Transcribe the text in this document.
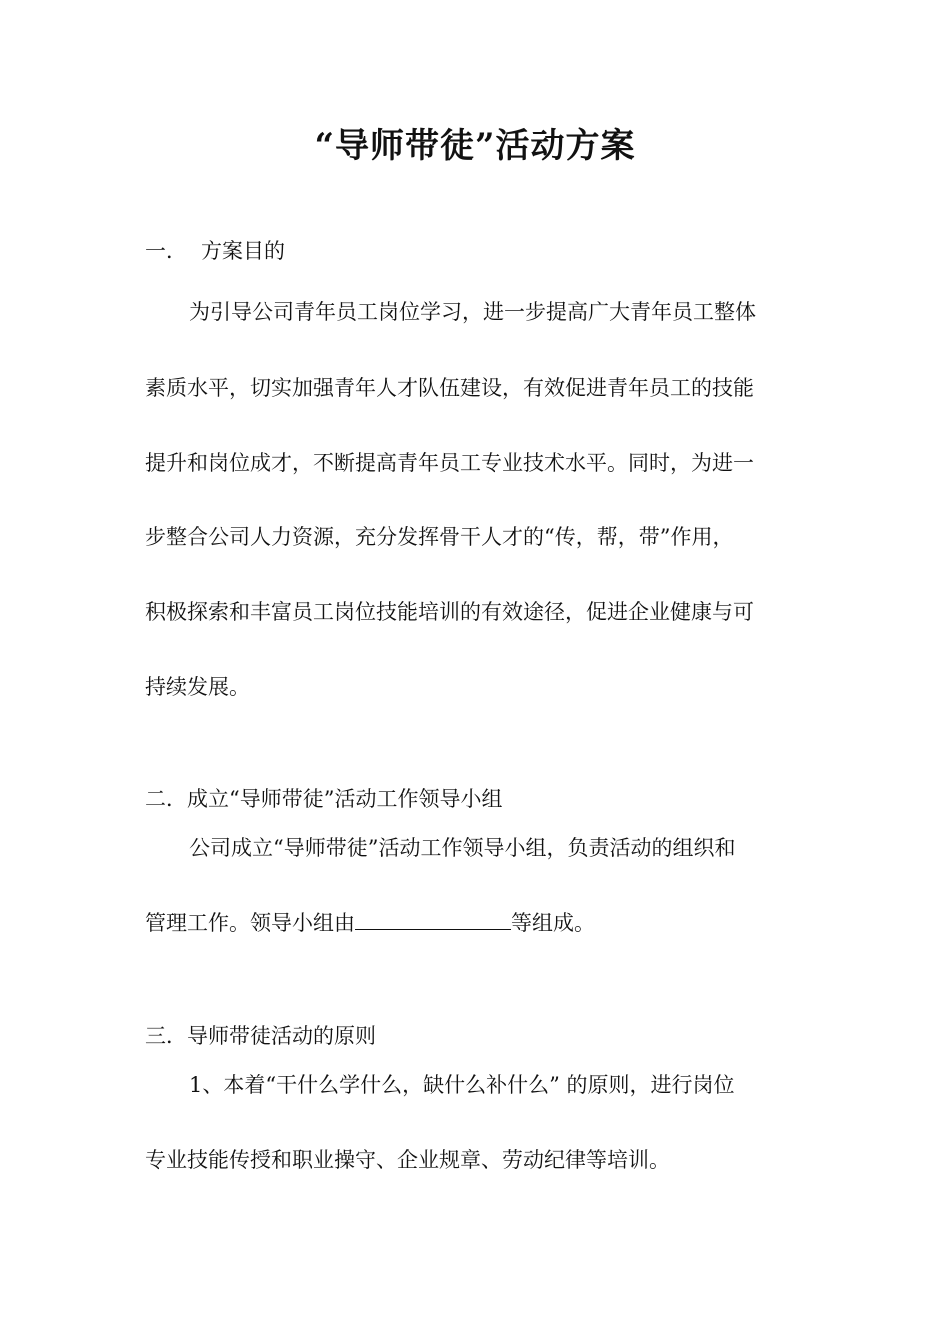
“导师带徒”活动方案
一． 方案目的
为引导公司青年员工岗位学习，进一步提高广大青年员工整体
素质水平，切实加强青年人才队伍建设，有效促进青年员工的技能
提升和岗位成才，不断提高青年员工专业技术水平。同时，为进一
步整合公司人力资源，充分发挥骨干人才的“传，帮，带”作用，
积极探索和丰富员工岗位技能培训的有效途径，促进企业健康与可
持续发展。
二．成立“导师带徒”活动工作领导小组
公司成立“导师带徒”活动工作领导小组，负责活动的组织和
管理工作。领导小组由	等组成。
三．导师带徒活动的原则
1、本着“干什么学什么，缺什么补什么” 的原则，进行岗位
专业技能传授和职业操守、企业规章、劳动纪律等培训。
